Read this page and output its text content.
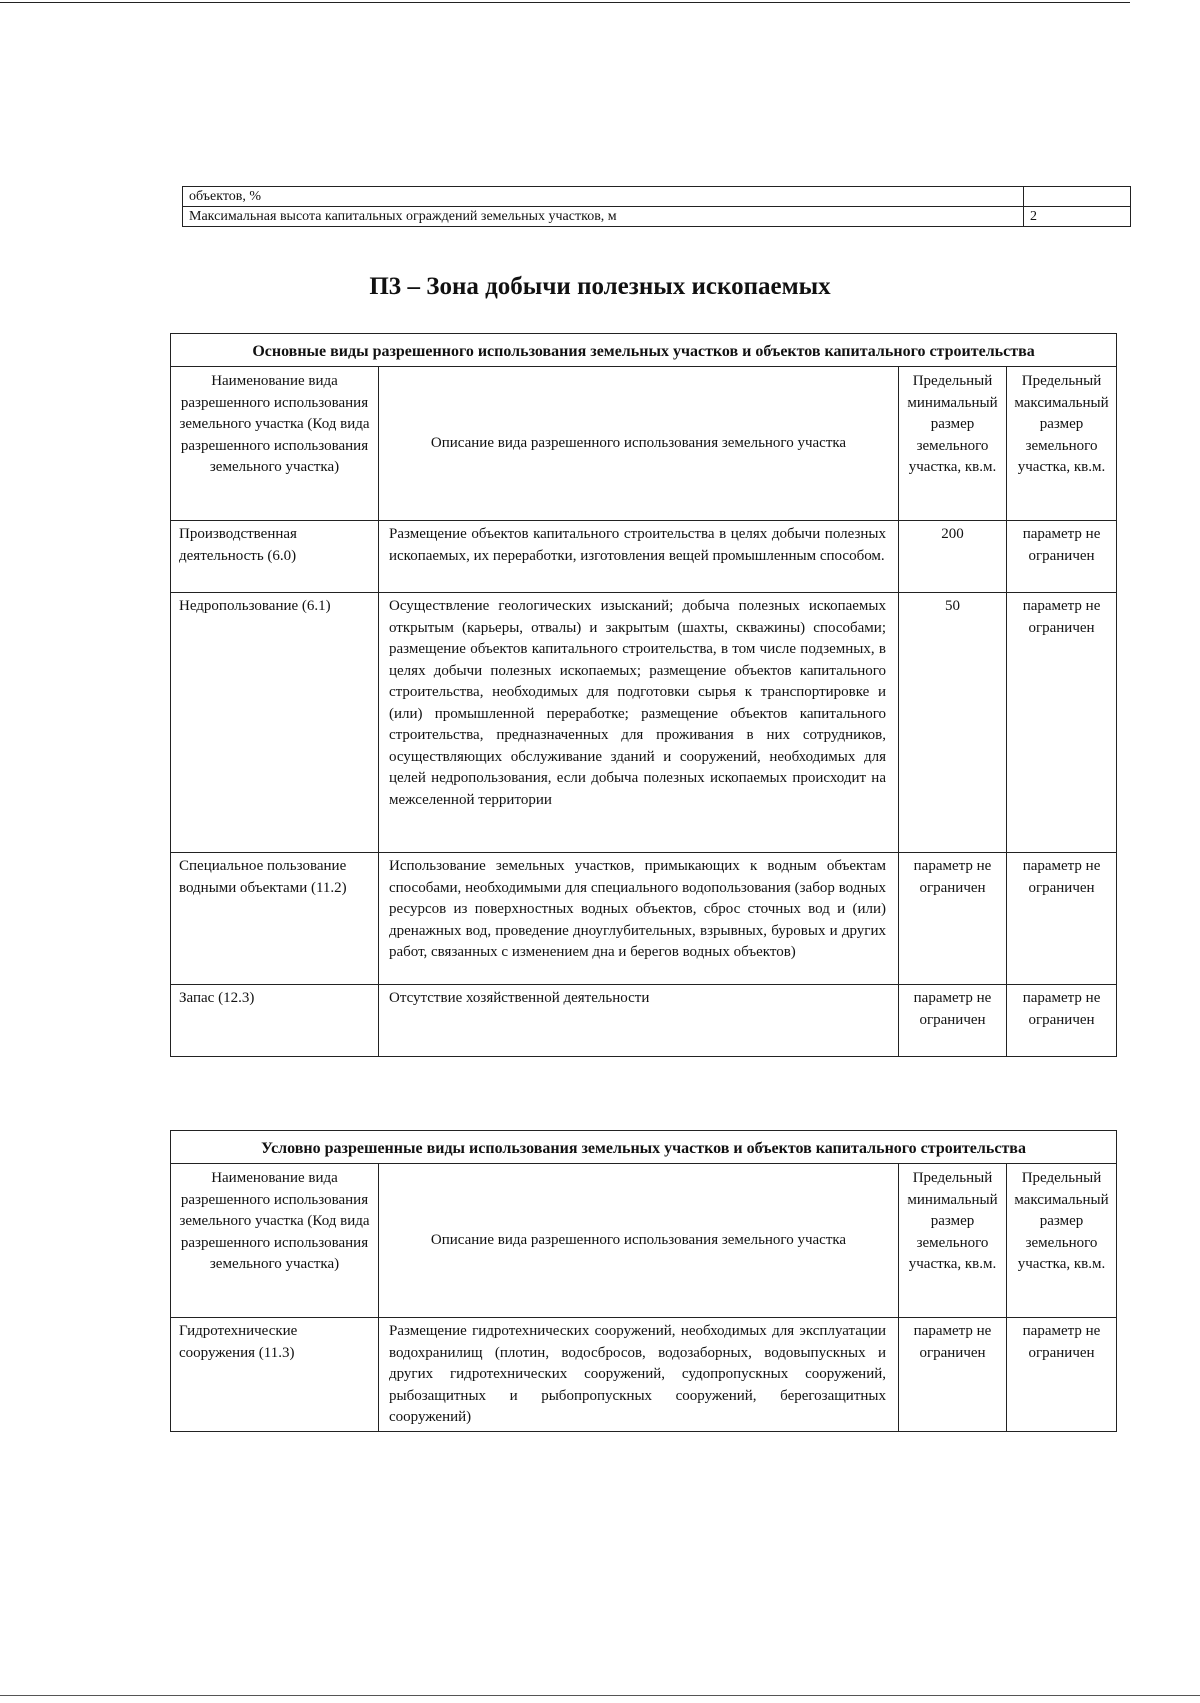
объектов, %	
Максимальная высота капитальных ограждений земельных участков, м	2
П3 – Зона добычи полезных ископаемых
Основные виды разрешенного использования земельных участков и объектов капитального строительства			
Наименование вида разрешенного использования земельного участка (Код вида разрешенного использования земельного участка)	Описание вида разрешенного использования земельного участка	Предельный минимальный размер земельного участка, кв.м.	Предельный максимальный размер земельного участка, кв.м.
Производственная деятельность (6.0)	Размещение объектов капитального строительства в целях добычи полезных ископаемых, их переработки, изготовления вещей промышленным способом.	200	параметр не ограничен
Недропользование (6.1)	Осуществление геологических изысканий; добыча полезных ископаемых открытым (карьеры, отвалы) и закрытым (шахты, скважины) способами; размещение объектов капитального строительства, в том числе подземных, в целях добычи полезных ископаемых; размещение объектов капитального строительства, необходимых для подготовки сырья к транспортировке и (или) промышленной переработке; размещение объектов капитального строительства, предназначенных для проживания в них сотрудников, осуществляющих обслуживание зданий и сооружений, необходимых для целей недропользования, если добыча полезных ископаемых происходит на межселенной территории	50	параметр не ограничен
Специальное пользование водными объектами (11.2)	Использование земельных участков, примыкающих к водным объектам способами, необходимыми для специального водопользования (забор водных ресурсов из поверхностных водных объектов, сброс сточных вод и (или) дренажных вод, проведение дноуглубительных, взрывных, буровых и других работ, связанных с изменением дна и берегов водных объектов)	параметр не ограничен	параметр не ограничен
Запас (12.3)	Отсутствие хозяйственной деятельности	параметр не ограничен	параметр не ограничен
Условно разрешенные виды использования земельных участков и объектов капитального строительства			
Наименование вида разрешенного использования земельного участка (Код вида разрешенного использования земельного участка)	Описание вида разрешенного использования земельного участка	Предельный минимальный размер земельного участка, кв.м.	Предельный максимальный размер земельного участка, кв.м.
Гидротехнические сооружения (11.3)	Размещение гидротехнических сооружений, необходимых для эксплуатации водохранилищ (плотин, водосбросов, водозаборных, водовыпускных и других гидротехнических сооружений, судопропускных сооружений, рыбозащитных и рыбопропускных сооружений, берегозащитных сооружений)	параметр не ограничен	параметр не ограничен
